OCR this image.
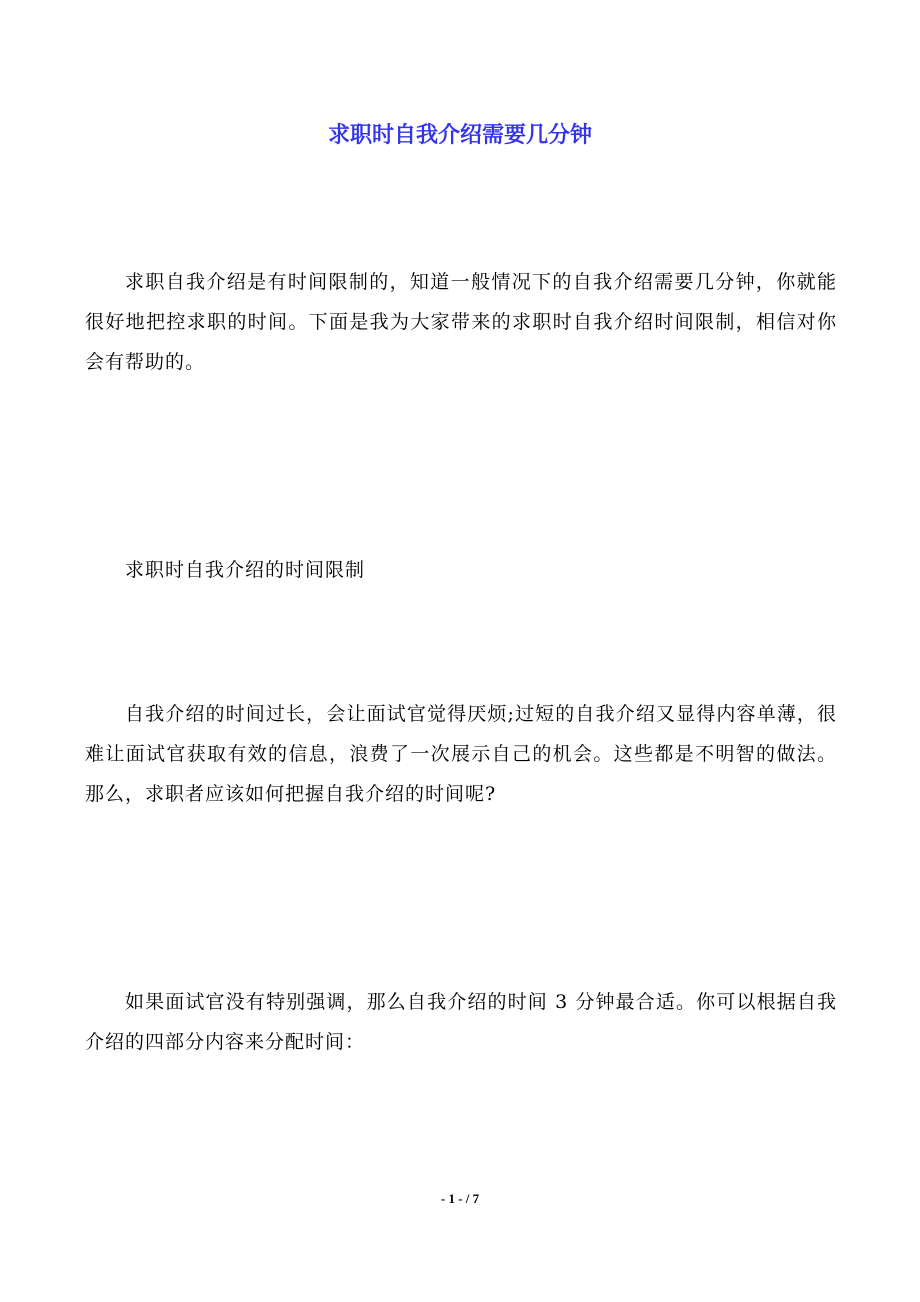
求职时自我介绍需要几分钟

求职自我介绍是有时间限制的，知道一般情况下的自我介绍需要几分钟，你就能很好地把控求职的时间。下面是我为大家带来的求职时自我介绍时间限制，相信对你会有帮助的。

求职时自我介绍的时间限制

自我介绍的时间过长，会让面试官觉得厌烦;过短的自我介绍又显得内容单薄，很难让面试官获取有效的信息，浪费了一次展示自己的机会。这些都是不明智的做法。那么，求职者应该如何把握自我介绍的时间呢?

如果面试官没有特别强调，那么自我介绍的时间 3 分钟最合适。你可以根据自我介绍的四部分内容来分配时间：

- 1 - / 7
